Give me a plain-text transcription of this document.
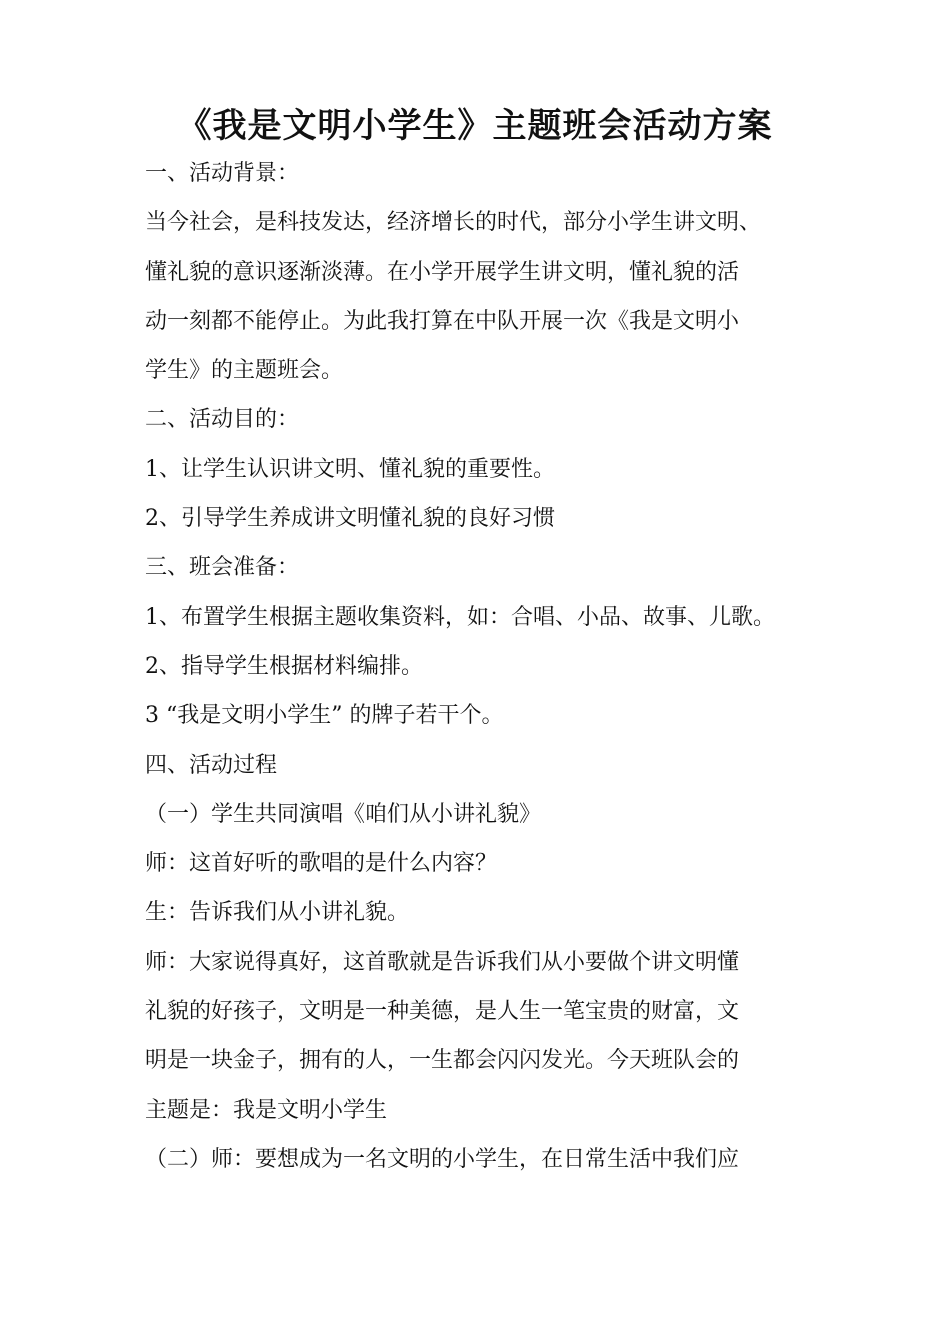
《我是文明小学生》主题班会活动方案

一、活动背景：

当今社会，是科技发达，经济增长的时代，部分小学生讲文明、

懂礼貌的意识逐渐淡薄。在小学开展学生讲文明，懂礼貌的活

动一刻都不能停止。为此我打算在中队开展一次《我是文明小

学生》的主题班会。

二、活动目的：

1、让学生认识讲文明、懂礼貌的重要性。

2、引导学生养成讲文明懂礼貌的良好习惯

三、班会准备：

1、布置学生根据主题收集资料，如：合唱、小品、故事、儿歌。

2、指导学生根据材料编排。

3 “我是文明小学生” 的牌子若干个。

四、活动过程

（一）学生共同演唱《咱们从小讲礼貌》

师：这首好听的歌唱的是什么内容？

生：告诉我们从小讲礼貌。

师：大家说得真好，这首歌就是告诉我们从小要做个讲文明懂

礼貌的好孩子，文明是一种美德，是人生一笔宝贵的财富，文

明是一块金子，拥有的人，一生都会闪闪发光。今天班队会的

主题是：我是文明小学生

（二）师：要想成为一名文明的小学生，在日常生活中我们应
